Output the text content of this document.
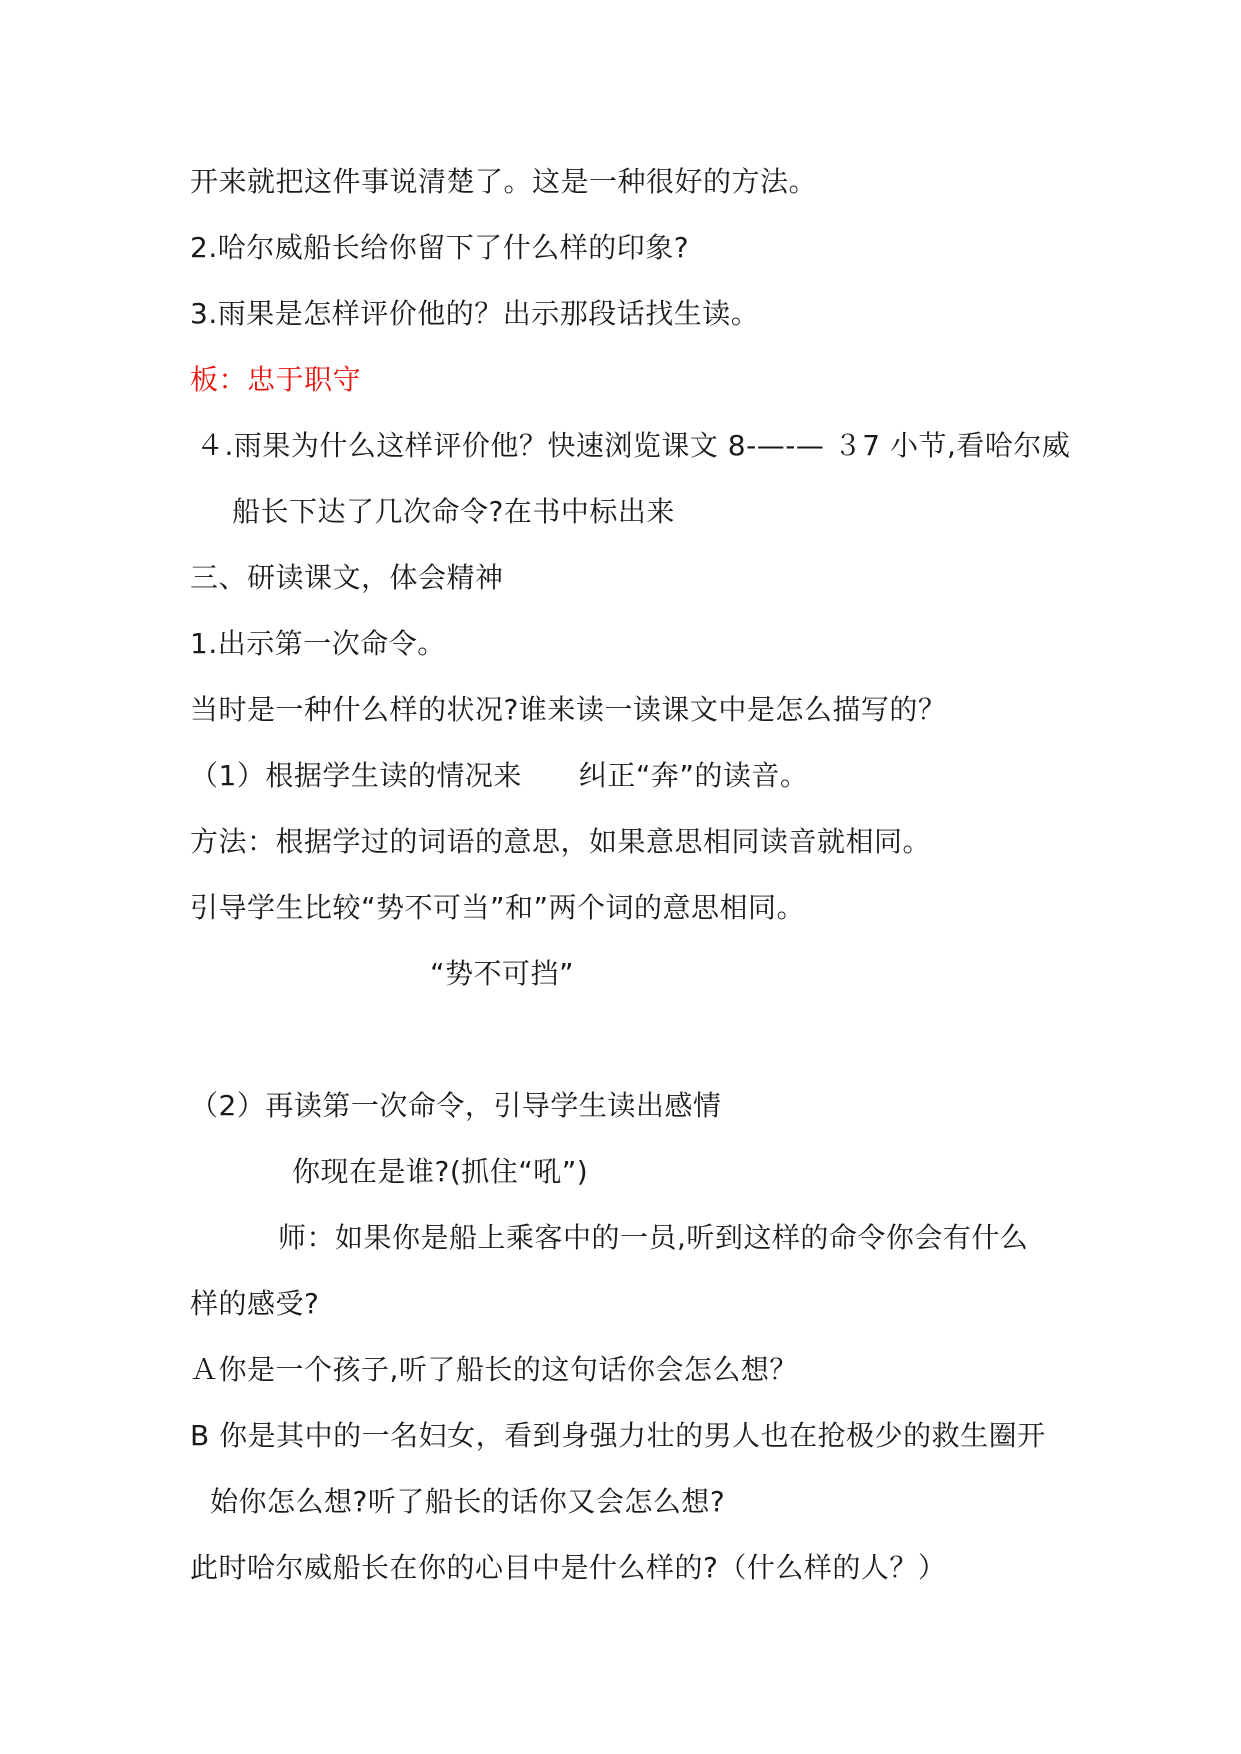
开来就把这件事说清楚了。这是一种很好的方法。
2.哈尔威船长给你留下了什么样的印象?
3.雨果是怎样评价他的？出示那段话找生读。
板：忠于职守
４.雨果为什么这样评价他？快速浏览课文 8-—-— ３7 小节,看哈尔威
船长下达了几次命令?在书中标出来
三、研读课文，体会精神
1.出示第一次命令。
当时是一种什么样的状况?谁来读一读课文中是怎么描写的？
（1）根据学生读的情况来　　纠正“奔”的读音。
方法：根据学过的词语的意思，如果意思相同读音就相同。
引导学生比较“势不可当”和”两个词的意思相同。
“势不可挡”
（2）再读第一次命令，引导学生读出感情
你现在是谁?(抓住“吼”)
师：如果你是船上乘客中的一员,听到这样的命令你会有什么
样的感受?
Ａ你是一个孩子,听了船长的这句话你会怎么想？
B 你是其中的一名妇女，看到身强力壮的男人也在抢极少的救生圈开
始你怎么想?听了船长的话你又会怎么想?
此时哈尔威船长在你的心目中是什么样的?（什么样的人？）
